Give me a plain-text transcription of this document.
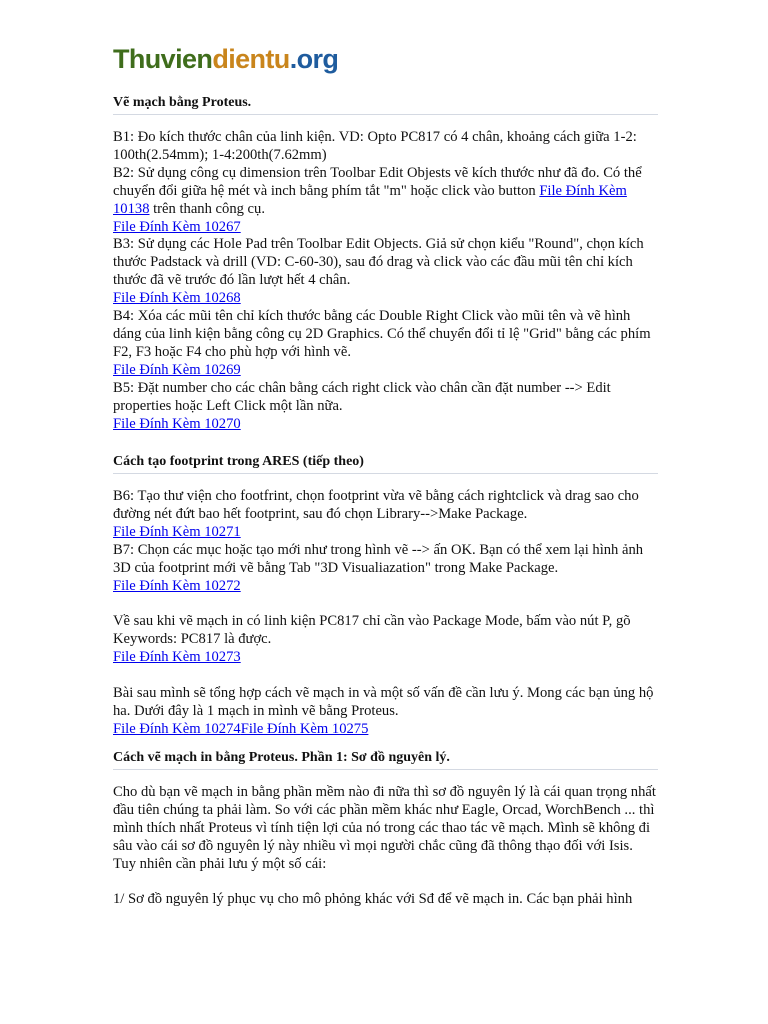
Thuviendientu.org
Vẽ mạch bằng Proteus.

B1: Đo kích thước chân của linh kiện. VD: Opto PC817 có 4 chân, khoảng cách giữa 1-2: 100th(2.54mm); 1-4:200th(7.62mm)

B2: Sử dụng công cụ dimension trên Toolbar Edit Objests vẽ kích thước như đã đo. Có thể chuyển đổi giữa hệ mét và inch bằng phím tắt "m" hoặc click vào button File Đính Kèm 10138 trên thanh công cụ.

File Đính Kèm 10267

B3: Sử dụng các Hole Pad trên Toolbar Edit Objects. Giả sử chọn kiểu "Round", chọn kích thước Padstack và drill (VD: C-60-30), sau đó drag và click vào các đầu mũi tên chỉ kích thước đã vẽ trước đó lần lượt hết 4 chân.

File Đính Kèm 10268

B4: Xóa các mũi tên chỉ kích thước bằng các Double Right Click vào mũi tên và vẽ hình dáng của linh kiện bằng công cụ 2D Graphics. Có thể chuyển đổi tỉ lệ "Grid" bằng các phím F2, F3 hoặc F4 cho phù hợp với hình vẽ.

File Đính Kèm 10269

B5: Đặt number cho các chân bằng cách right click vào chân cần đặt number --> Edit properties hoặc Left Click một lần nữa.

File Đính Kèm 10270

Cách tạo footprint trong ARES (tiếp theo)

B6: Tạo thư viện cho footfrint, chọn footprint vừa vẽ bằng cách rightclick và drag sao cho đường nét đứt bao hết footprint, sau đó chọn Library-->Make Package.

File Đính Kèm 10271

B7: Chọn các mục hoặc tạo mới như trong hình vẽ --> ấn OK. Bạn có thể xem lại hình ảnh 3D của footprint mới vẽ bằng Tab "3D Visualiazation" trong Make Package.

File Đính Kèm 10272

Về sau khi vẽ mạch in có linh kiện PC817 chỉ cần vào Package Mode, bấm vào nút P, gõ Keywords: PC817 là được.

File Đính Kèm 10273

Bài sau mình sẽ tổng hợp cách vẽ mạch in và một số vấn đề cần lưu ý. Mong các bạn ủng hộ ha. Dưới đây là 1 mạch in mình vẽ bằng Proteus.

File Đính Kèm 10274File Đính Kèm 10275

Cách vẽ mạch in bằng Proteus. Phần 1: Sơ đồ nguyên lý.

Cho dù bạn vẽ mạch in bằng phần mềm nào đi nữa thì sơ đồ nguyên lý là cái quan trọng nhất đầu tiên chúng ta phải làm. So với các phần mềm khác như Eagle, Orcad, WorchBench ... thì mình thích nhất Proteus vì tính tiện lợi của nó trong các thao tác vẽ mạch. Mình sẽ không đi sâu vào cái sơ đồ nguyên lý này nhiều vì mọi người chắc cũng đã thông thạo đối với Isis. Tuy nhiên cần phải lưu ý một số cái:

1/ Sơ đồ nguyên lý phục vụ cho mô phỏng khác với Sđ để vẽ mạch in. Các bạn phải hình
